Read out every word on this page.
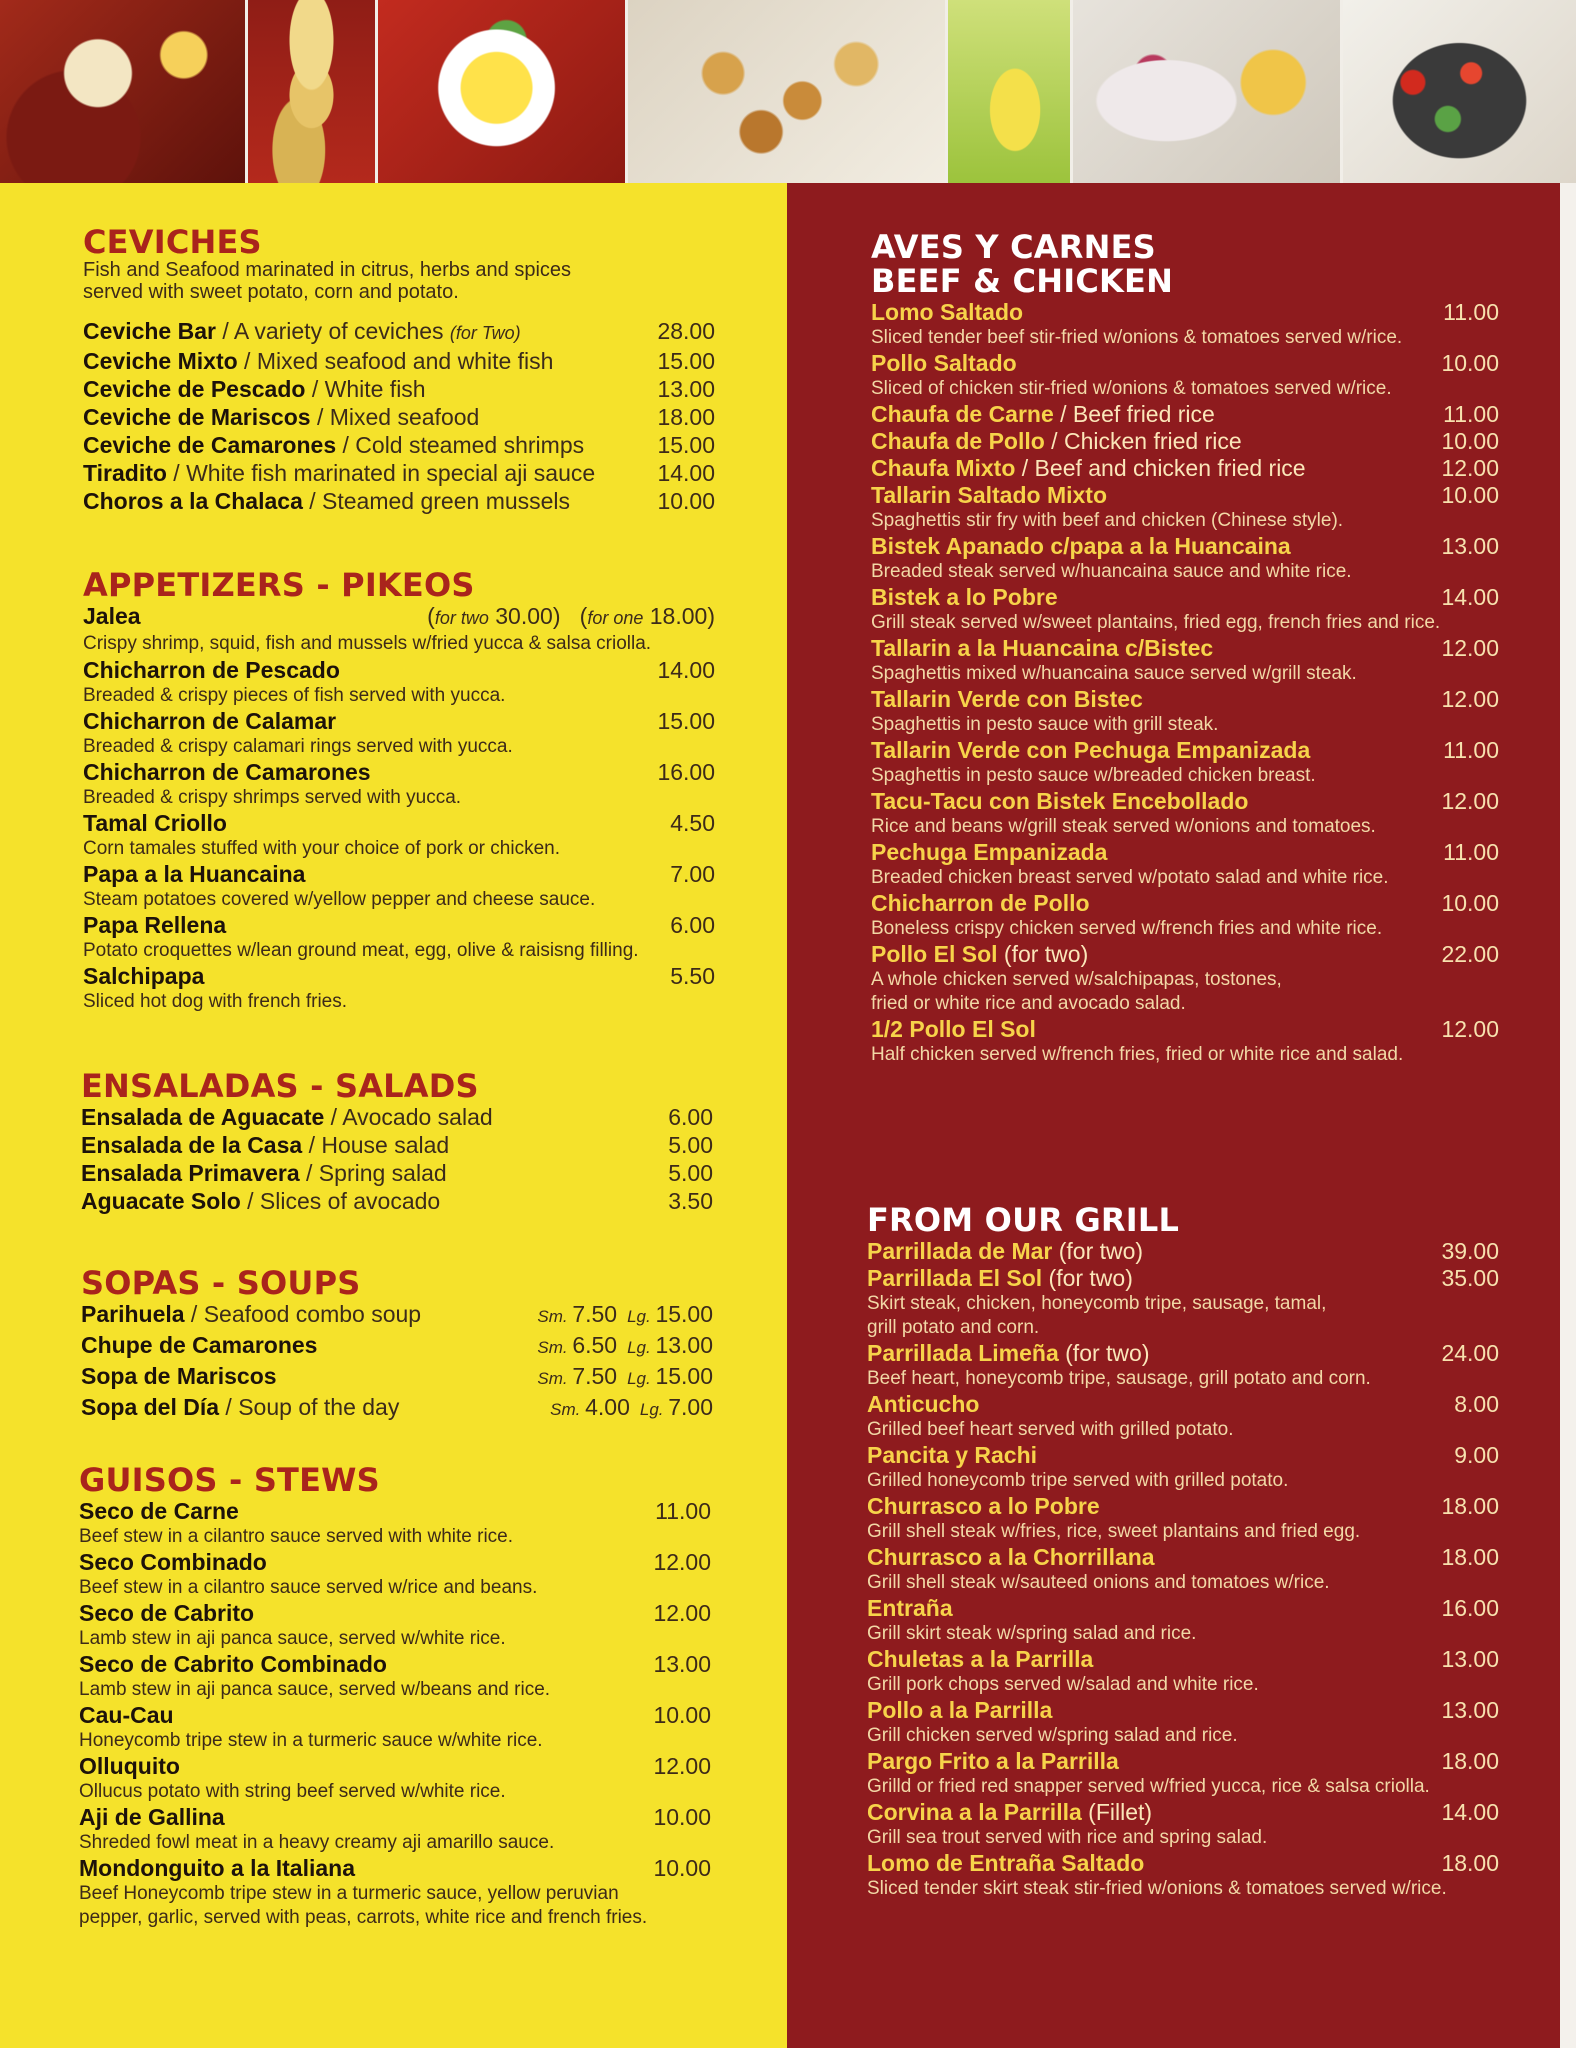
CEVICHES
Fish and Seafood marinated in citrus, herbs and spices
served with sweet potato, corn and potato.
Ceviche Bar / A variety of ceviches (for Two)	28.00
Ceviche Mixto / Mixed seafood and white fish	15.00
Ceviche de Pescado / White fish	13.00
Ceviche de Mariscos / Mixed seafood	18.00
Ceviche de Camarones / Cold steamed shrimps	15.00
Tiradito / White fish marinated in special aji sauce	14.00
Choros a la Chalaca / Steamed green mussels	10.00
APPETIZERS - PIKEOS
Jalea	(for two 30.00)   (for one 18.00)
Crispy shrimp, squid, fish and mussels w/fried yucca & salsa criolla.
Chicharron de Pescado	14.00
Breaded & crispy pieces of fish served with yucca.
Chicharron de Calamar	15.00
Breaded & crispy calamari rings served with yucca.
Chicharron de Camarones	16.00
Breaded & crispy shrimps served with yucca.
Tamal Criollo	4.50
Corn tamales stuffed with your choice of pork or chicken.
Papa a la Huancaina	7.00
Steam potatoes covered w/yellow pepper and cheese sauce.
Papa Rellena	6.00
Potato croquettes w/lean ground meat, egg, olive & raisisng filling.
Salchipapa	5.50
Sliced hot dog with french fries.
ENSALADAS - SALADS
Ensalada de Aguacate / Avocado salad	6.00
Ensalada de la Casa / House salad	5.00
Ensalada Primavera / Spring salad	5.00
Aguacate Solo / Slices of avocado	3.50
SOPAS - SOUPS
Parihuela / Seafood combo soup	Sm. 7.50 Lg. 15.00
Chupe de Camarones	Sm. 6.50 Lg. 13.00
Sopa de Mariscos	Sm. 7.50 Lg. 15.00
Sopa del Día / Soup of the day	Sm. 4.00 Lg. 7.00
GUISOS - STEWS
Seco de Carne	11.00
Beef stew in a cilantro sauce served with white rice.
Seco Combinado	12.00
Beef stew in a cilantro sauce served w/rice and beans.
Seco de Cabrito	12.00
Lamb stew in aji panca sauce, served w/white rice.
Seco de Cabrito Combinado	13.00
Lamb stew in aji panca sauce, served w/beans and rice.
Cau-Cau	10.00
Honeycomb tripe stew in a turmeric sauce w/white rice.
Olluquito	12.00
Ollucus potato with string beef served w/white rice.
Aji de Gallina	10.00
Shreded fowl meat in a heavy creamy aji amarillo sauce.
Mondonguito a la Italiana	10.00
Beef Honeycomb tripe stew in a turmeric sauce, yellow peruvian
pepper, garlic, served with peas, carrots, white rice and french fries.
AVES Y CARNES
BEEF & CHICKEN
Lomo Saltado	11.00
Sliced tender beef stir-fried w/onions & tomatoes served w/rice.
Pollo Saltado	10.00
Sliced of chicken stir-fried w/onions & tomatoes served w/rice.
Chaufa de Carne / Beef fried rice	11.00
Chaufa de Pollo / Chicken fried rice	10.00
Chaufa Mixto / Beef and chicken fried rice	12.00
Tallarin Saltado Mixto	10.00
Spaghettis stir fry with beef and chicken (Chinese style).
Bistek Apanado c/papa a la Huancaina	13.00
Breaded steak served w/huancaina sauce and white rice.
Bistek a lo Pobre	14.00
Grill steak served w/sweet plantains, fried egg, french fries and rice.
Tallarin a la Huancaina c/Bistec	12.00
Spaghettis mixed w/huancaina sauce served w/grill steak.
Tallarin Verde con Bistec	12.00
Spaghettis in pesto sauce with grill steak.
Tallarin Verde con Pechuga Empanizada	11.00
Spaghettis in pesto sauce w/breaded chicken breast.
Tacu-Tacu con Bistek Encebollado	12.00
Rice and beans w/grill steak served w/onions and tomatoes.
Pechuga Empanizada	11.00
Breaded chicken breast served w/potato salad and white rice.
Chicharron de Pollo	10.00
Boneless crispy chicken served w/french fries and white rice.
Pollo El Sol (for two)	22.00
A whole chicken served w/salchipapas, tostones,
fried or white rice and avocado salad.
1/2 Pollo El Sol	12.00
Half chicken served w/french fries, fried or white rice and salad.
FROM OUR GRILL
Parrillada de Mar (for two)	39.00
Parrillada El Sol (for two)	35.00
Skirt steak, chicken, honeycomb tripe, sausage, tamal,
grill potato and corn.
Parrillada Limeña (for two)	24.00
Beef heart, honeycomb tripe, sausage, grill potato and corn.
Anticucho	8.00
Grilled beef heart served with grilled potato.
Pancita y Rachi	9.00
Grilled honeycomb tripe served with grilled potato.
Churrasco a lo Pobre	18.00
Grill shell steak w/fries, rice, sweet plantains and fried egg.
Churrasco a la Chorrillana	18.00
Grill shell steak w/sauteed onions and tomatoes w/rice.
Entraña	16.00
Grill skirt steak w/spring salad and rice.
Chuletas a la Parrilla	13.00
Grill pork chops served w/salad and white rice.
Pollo a la Parrilla	13.00
Grill chicken served w/spring salad and rice.
Pargo Frito a la Parrilla	18.00
Grilld or fried red snapper served w/fried yucca, rice & salsa criolla.
Corvina a la Parrilla (Fillet)	14.00
Grill sea trout served with rice and spring salad.
Lomo de Entraña Saltado	18.00
Sliced tender skirt steak stir-fried w/onions & tomatoes served w/rice.
